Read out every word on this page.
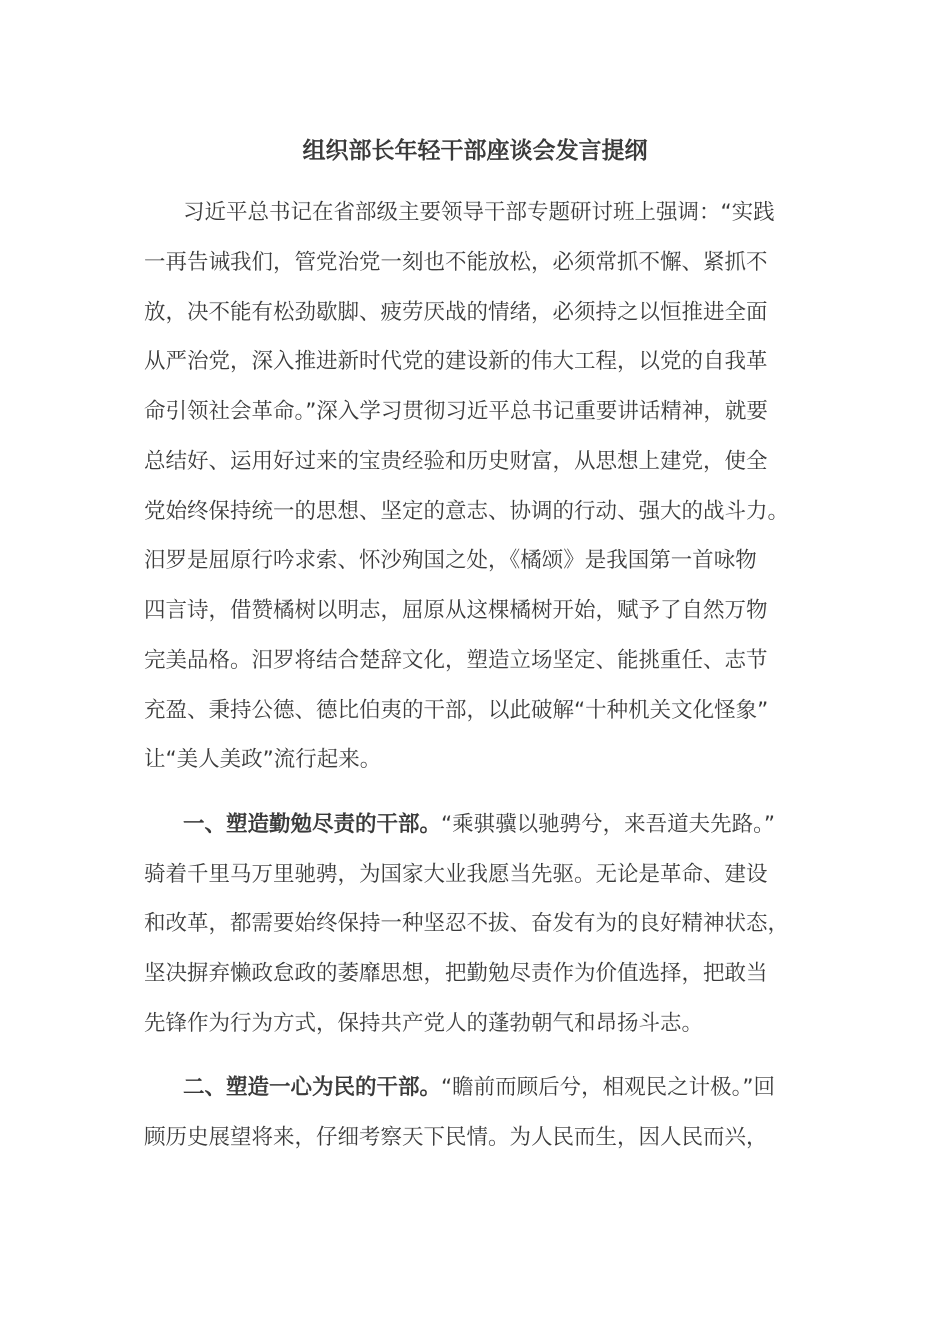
组织部长年轻干部座谈会发言提纲
习近平总书记在省部级主要领导干部专题研讨班上强调：“实践
一再告诫我们，管党治党一刻也不能放松，必须常抓不懈、紧抓不
放，决不能有松劲歇脚、疲劳厌战的情绪，必须持之以恒推进全面
从严治党，深入推进新时代党的建设新的伟大工程，以党的自我革
命引领社会革命。”深入学习贯彻习近平总书记重要讲话精神，就要
总结好、运用好过来的宝贵经验和历史财富，从思想上建党，使全
党始终保持统一的思想、坚定的意志、协调的行动、强大的战斗力。
汨罗是屈原行吟求索、怀沙殉国之处，《橘颂》是我国第一首咏物
四言诗，借赞橘树以明志，屈原从这棵橘树开始，赋予了自然万物
完美品格。汨罗将结合楚辞文化，塑造立场坚定、能挑重任、志节
充盈、秉持公德、德比伯夷的干部，以此破解“十种机关文化怪象”
让“美人美政”流行起来。
一、塑造勤勉尽责的干部。“乘骐骥以驰骋兮，来吾道夫先路。”
骑着千里马万里驰骋，为国家大业我愿当先驱。无论是革命、建设
和改革，都需要始终保持一种坚忍不拔、奋发有为的良好精神状态，
坚决摒弃懒政怠政的萎靡思想，把勤勉尽责作为价值选择，把敢当
先锋作为行为方式，保持共产党人的蓬勃朝气和昂扬斗志。
二、塑造一心为民的干部。“瞻前而顾后兮，相观民之计极。”回
顾历史展望将来，仔细考察天下民情。为人民而生，因人民而兴，
